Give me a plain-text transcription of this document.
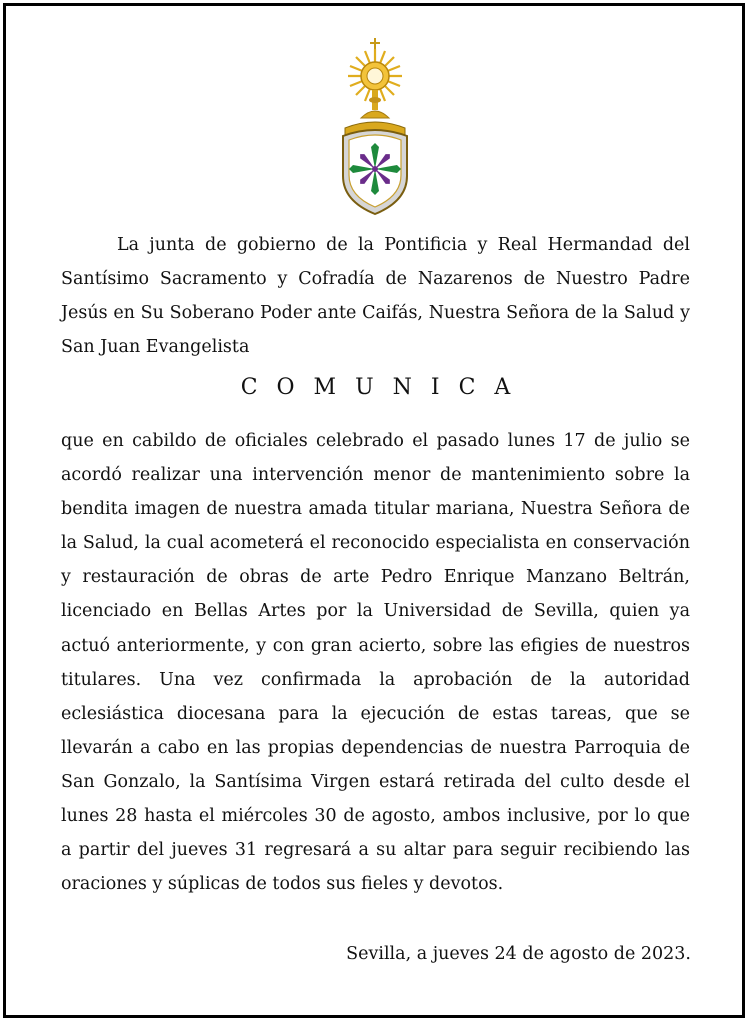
La junta de gobierno de la Pontificia y Real Hermandad del Santísimo Sacramento y Cofradía de Nazarenos de Nuestro Padre Jesús en Su Soberano Poder ante Caifás, Nuestra Señora de la Salud y San Juan Evangelista

COMUNICA

que en cabildo de oficiales celebrado el pasado lunes 17 de julio se acordó realizar una intervención menor de mantenimiento sobre la bendita imagen de nuestra amada titular mariana, Nuestra Señora de la Salud, la cual acometerá el reconocido especialista en conservación y restauración de obras de arte Pedro Enrique Manzano Beltrán, licenciado en Bellas Artes por la Universidad de Sevilla, quien ya actuó anteriormente, y con gran acierto, sobre las efigies de nuestros titulares. Una vez confirmada la aprobación de la autoridad eclesiástica diocesana para la ejecución de estas tareas, que se llevarán a cabo en las propias dependencias de nuestra Parroquia de San Gonzalo, la Santísima Virgen estará retirada del culto desde el lunes 28 hasta el miércoles 30 de agosto, ambos inclusive, por lo que a partir del jueves 31 regresará a su altar para seguir recibiendo las oraciones y súplicas de todos sus fieles y devotos.

Sevilla, a jueves 24 de agosto de 2023.
